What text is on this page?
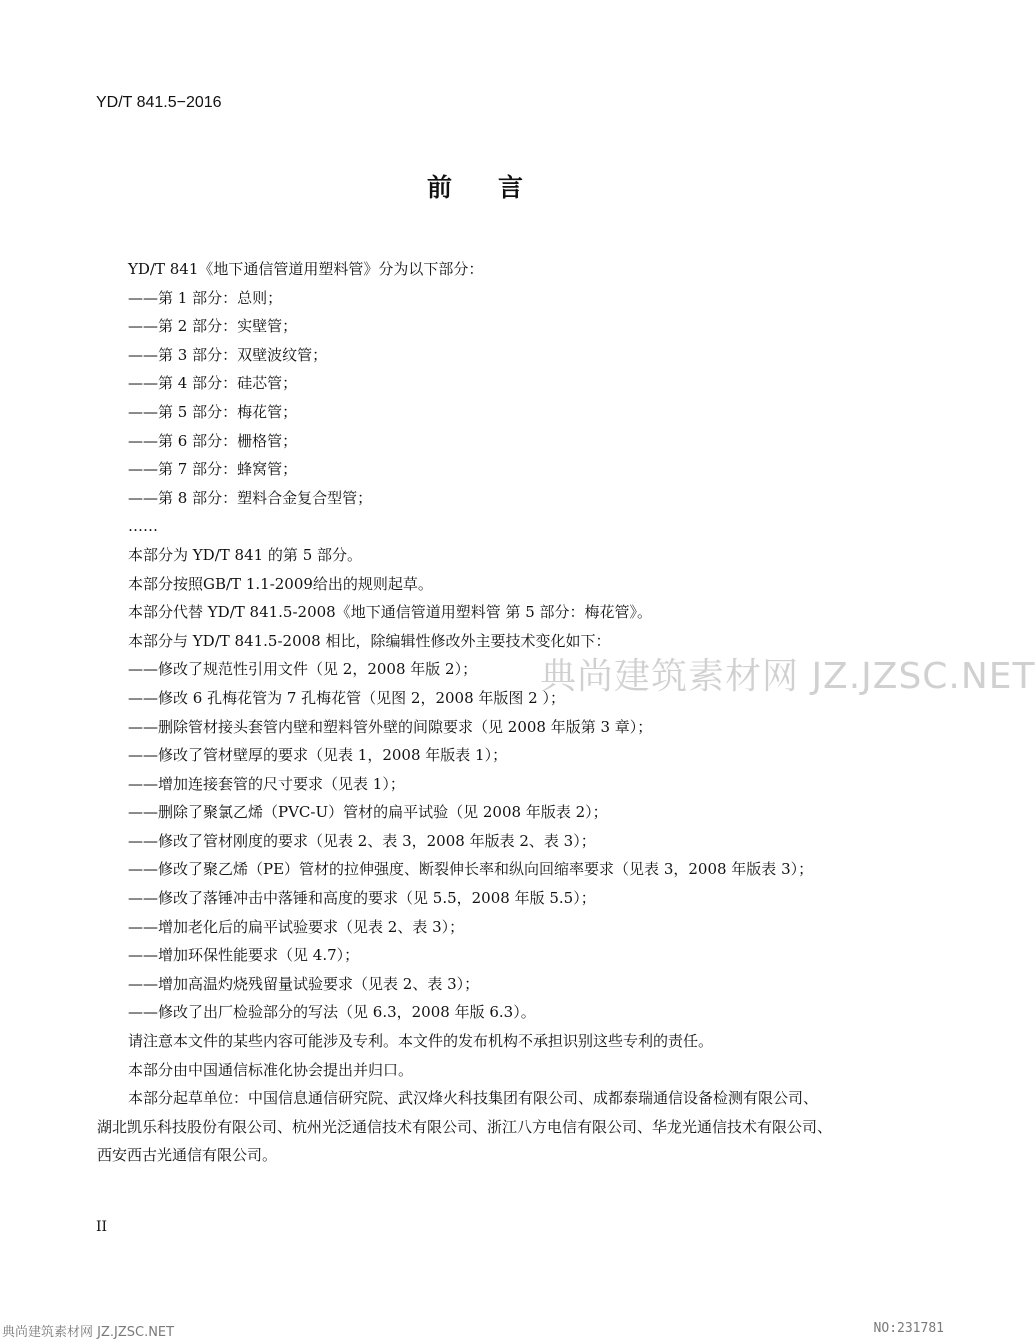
YD/T 841.5−2016
前言
YD/T 841《地下通信管道用塑料管》分为以下部分：
——第 1 部分：总则；
——第 2 部分：实壁管；
——第 3 部分：双壁波纹管；
——第 4 部分：硅芯管；
——第 5 部分：梅花管；
——第 6 部分：栅格管；
——第 7 部分：蜂窝管；
——第 8 部分：塑料合金复合型管；
……
本部分为 YD/T 841 的第 5 部分。
本部分按照GB/T 1.1-2009给出的规则起草。
本部分代替 YD/T 841.5-2008《地下通信管道用塑料管 第 5 部分：梅花管》。
本部分与 YD/T 841.5-2008 相比，除编辑性修改外主要技术变化如下：
——修改了规范性引用文件（见 2，2008 年版 2）；
——修改 6 孔梅花管为 7 孔梅花管（见图 2，2008 年版图 2 ）；
——删除管材接头套管内壁和塑料管外壁的间隙要求（见 2008 年版第 3 章）；
——修改了管材壁厚的要求（见表 1，2008 年版表 1）；
——增加连接套管的尺寸要求（见表 1）；
——删除了聚氯乙烯（PVC-U）管材的扁平试验（见 2008 年版表 2）；
——修改了管材刚度的要求（见表 2、表 3，2008 年版表 2、表 3）；
——修改了聚乙烯（PE）管材的拉伸强度、断裂伸长率和纵向回缩率要求（见表 3，2008 年版表 3）；
——修改了落锤冲击中落锤和高度的要求（见 5.5，2008 年版 5.5）；
——增加老化后的扁平试验要求（见表 2、表 3）；
——增加环保性能要求（见 4.7）；
——增加高温灼烧残留量试验要求（见表 2、表 3）；
——修改了出厂检验部分的写法（见 6.3，2008 年版 6.3）。
请注意本文件的某些内容可能涉及专利。本文件的发布机构不承担识别这些专利的责任。
本部分由中国通信标准化协会提出并归口。
本部分起草单位：中国信息通信研究院、武汉烽火科技集团有限公司、成都泰瑞通信设备检测有限公司、湖北凯乐科技股份有限公司、杭州光泛通信技术有限公司、浙江八方电信有限公司、华龙光通信技术有限公司、西安西古光通信有限公司。
典尚建筑素材网 JZ.JZSC.NET
II
典尚建筑素材网 JZ.JZSC.NET	NO:231781
